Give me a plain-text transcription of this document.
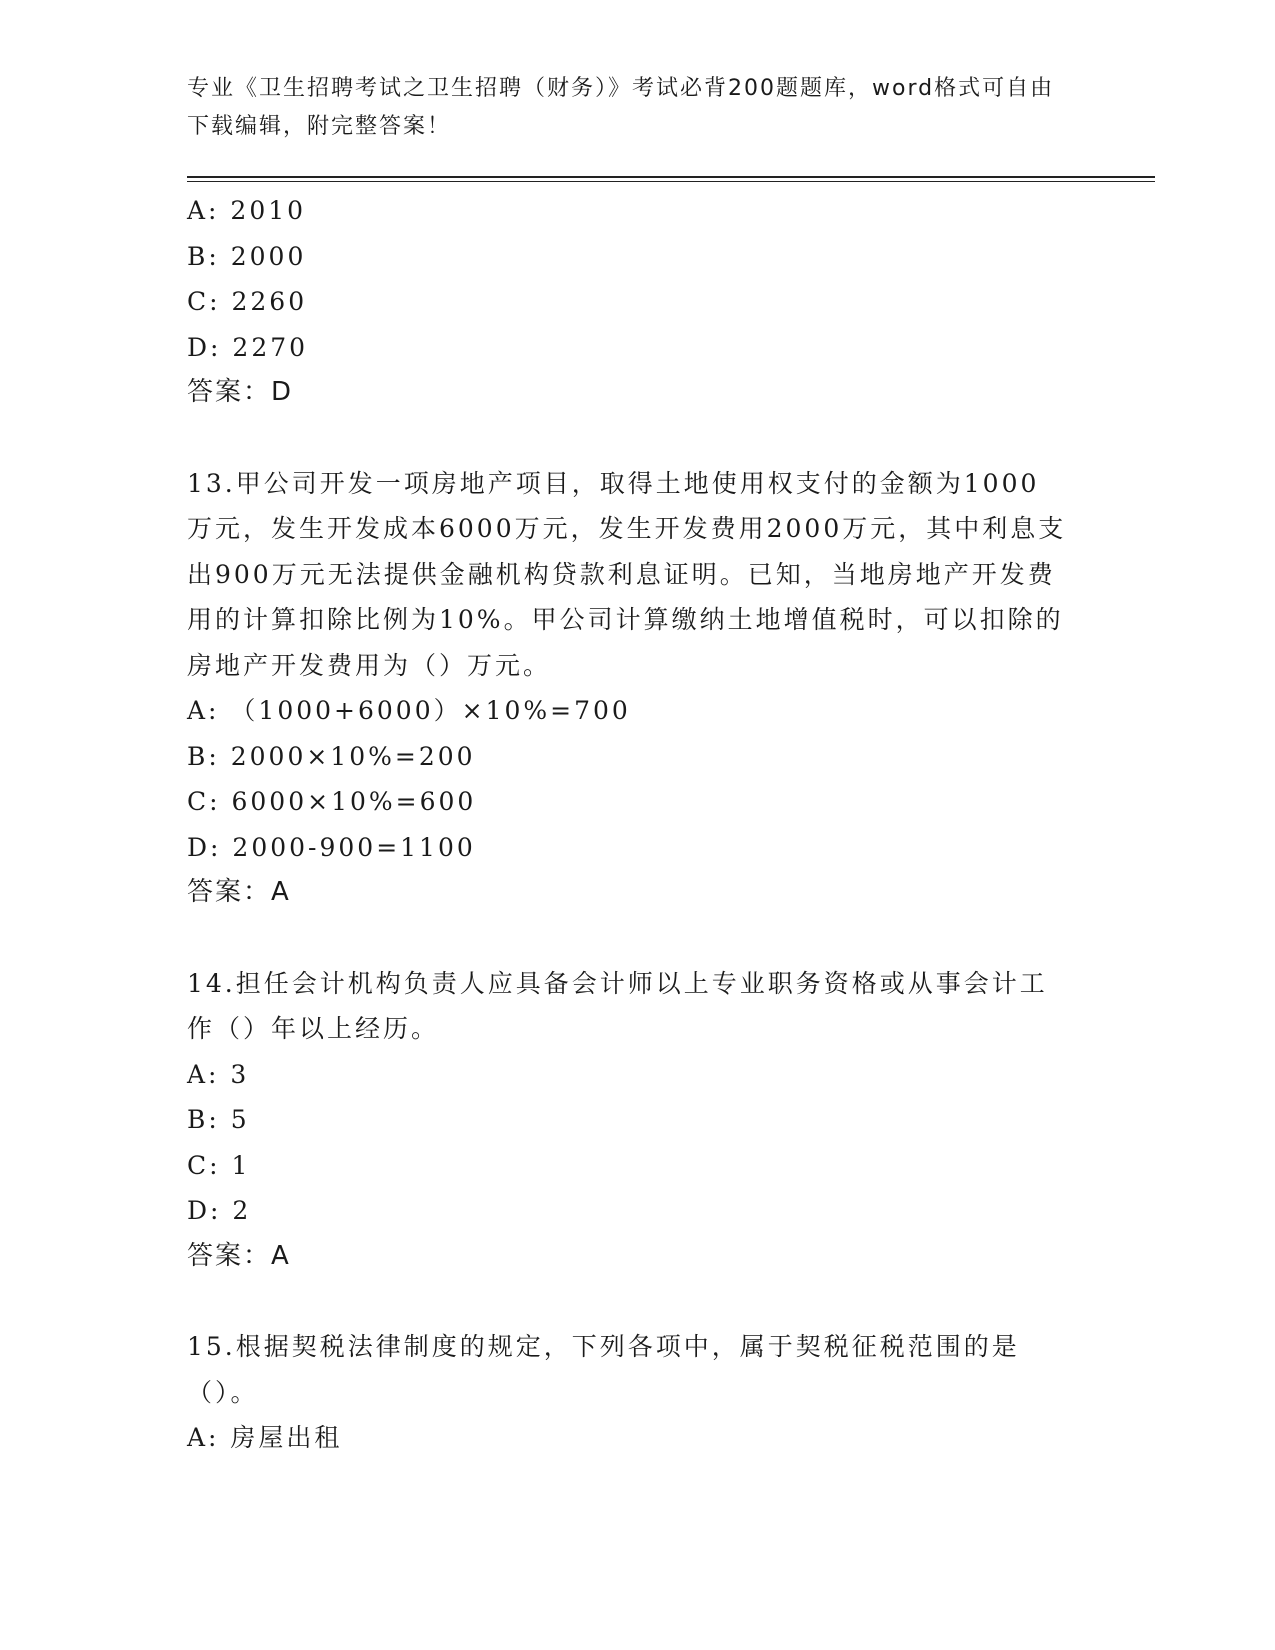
专业《卫生招聘考试之卫生招聘（财务）》考试必背200题题库，word格式可自由下载编辑，附完整答案！

A: 2010
B: 2000
C: 2260
D: 2270
答案：D

13.甲公司开发一项房地产项目，取得土地使用权支付的金额为1000万元，发生开发成本6000万元，发生开发费用2000万元，其中利息支出900万元无法提供金融机构贷款利息证明。已知，当地房地产开发费用的计算扣除比例为10%。甲公司计算缴纳土地增值税时，可以扣除的房地产开发费用为（）万元。

A: （1000+6000）×10%=700
B: 2000×10%=200
C: 6000×10%=600
D: 2000-900=1100
答案：A

14.担任会计机构负责人应具备会计师以上专业职务资格或从事会计工作（）年以上经历。

A: 3
B: 5
C: 1
D: 2
答案：A

15.根据契税法律制度的规定，下列各项中，属于契税征税范围的是（）。

A: 房屋出租
